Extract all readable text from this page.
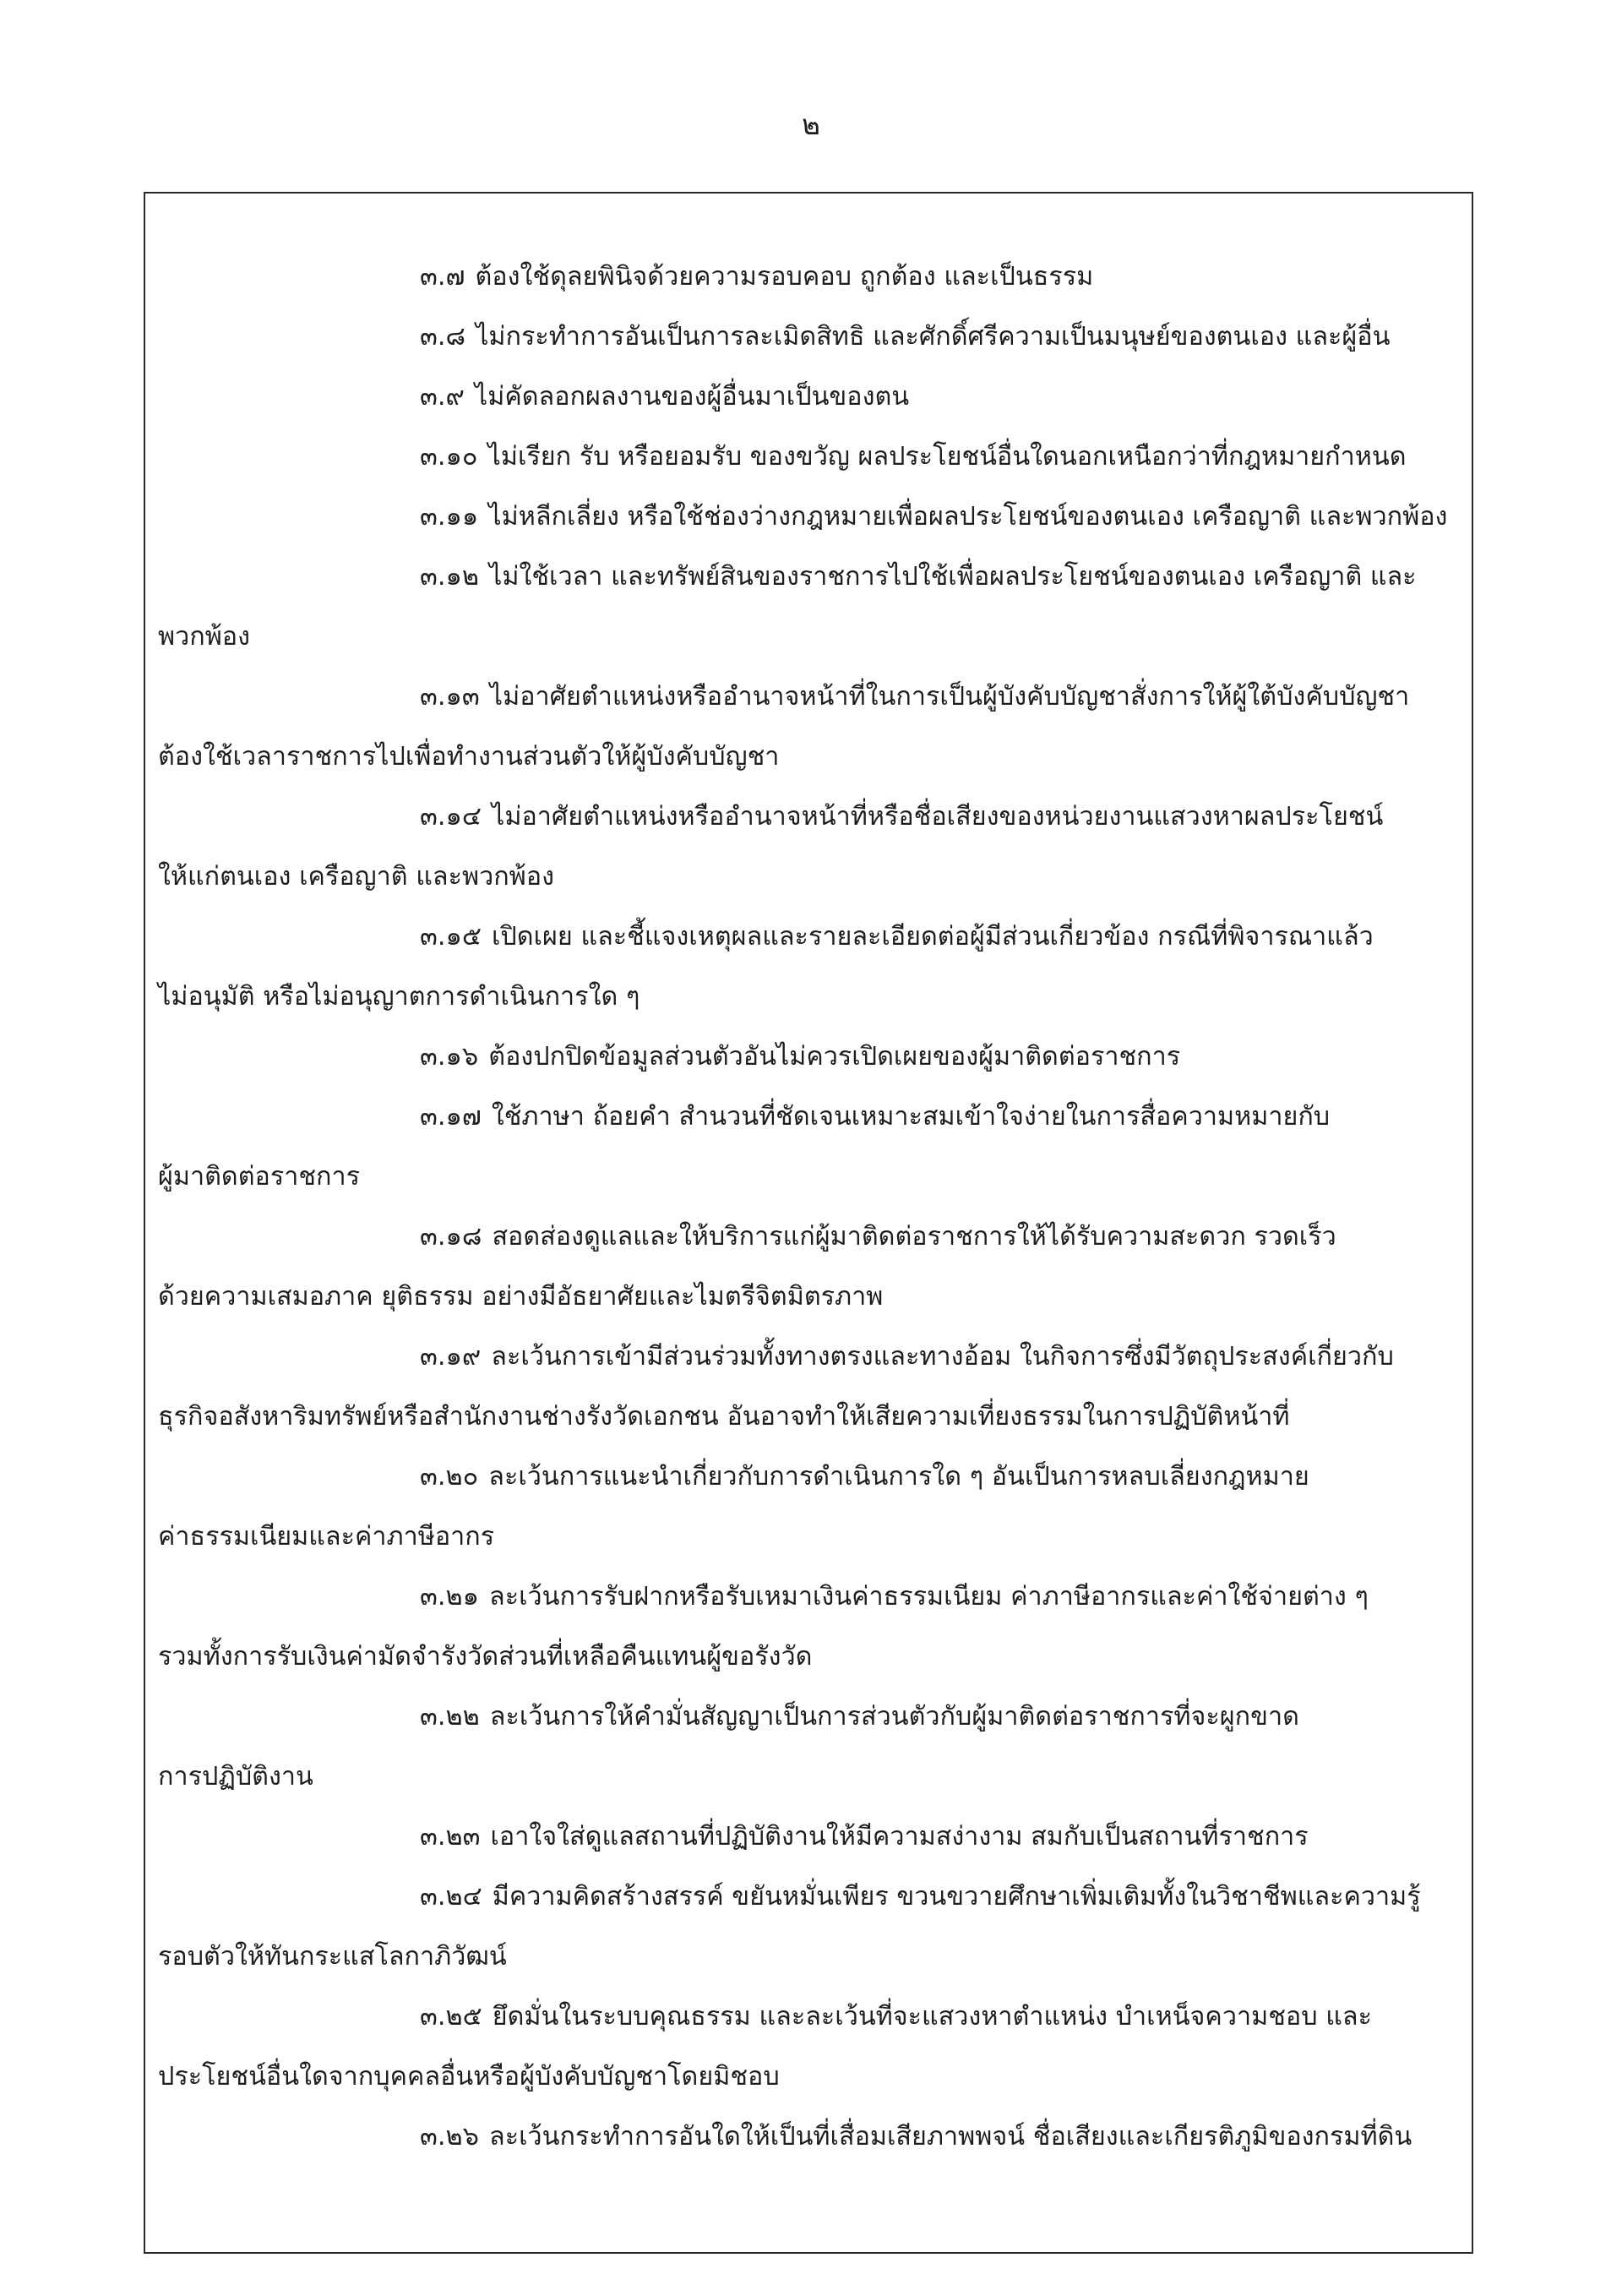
๒
๓.๗ ต้องใช้ดุลยพินิจด้วยความรอบคอบ ถูกต้อง และเป็นธรรม
๓.๘ ไม่กระทำการอันเป็นการละเมิดสิทธิ และศักดิ์ศรีความเป็นมนุษย์ของตนเอง และผู้อื่น
๓.๙ ไม่คัดลอกผลงานของผู้อื่นมาเป็นของตน
๓.๑๐ ไม่เรียก รับ หรือยอมรับ ของขวัญ ผลประโยชน์อื่นใดนอกเหนือกว่าที่กฎหมายกำหนด
๓.๑๑ ไม่หลีกเลี่ยง หรือใช้ช่องว่างกฎหมายเพื่อผลประโยชน์ของตนเอง เครือญาติ และพวกพ้อง
๓.๑๒ ไม่ใช้เวลา และทรัพย์สินของราชการไปใช้เพื่อผลประโยชน์ของตนเอง เครือญาติ และ
พวกพ้อง
๓.๑๓ ไม่อาศัยตำแหน่งหรืออำนาจหน้าที่ในการเป็นผู้บังคับบัญชาสั่งการให้ผู้ใต้บังคับบัญชา
ต้องใช้เวลาราชการไปเพื่อทำงานส่วนตัวให้ผู้บังคับบัญชา
๓.๑๔ ไม่อาศัยตำแหน่งหรืออำนาจหน้าที่หรือชื่อเสียงของหน่วยงานแสวงหาผลประโยชน์
ให้แก่ตนเอง เครือญาติ และพวกพ้อง
๓.๑๕ เปิดเผย และชี้แจงเหตุผลและรายละเอียดต่อผู้มีส่วนเกี่ยวข้อง กรณีที่พิจารณาแล้ว
ไม่อนุมัติ หรือไม่อนุญาตการดำเนินการใด ๆ
๓.๑๖ ต้องปกปิดข้อมูลส่วนตัวอันไม่ควรเปิดเผยของผู้มาติดต่อราชการ
๓.๑๗ ใช้ภาษา ถ้อยคำ สำนวนที่ชัดเจนเหมาะสมเข้าใจง่ายในการสื่อความหมายกับ
ผู้มาติดต่อราชการ
๓.๑๘ สอดส่องดูแลและให้บริการแก่ผู้มาติดต่อราชการให้ได้รับความสะดวก รวดเร็ว
ด้วยความเสมอภาค ยุติธรรม อย่างมีอัธยาศัยและไมตรีจิตมิตรภาพ
๓.๑๙ ละเว้นการเข้ามีส่วนร่วมทั้งทางตรงและทางอ้อม ในกิจการซึ่งมีวัตถุประสงค์เกี่ยวกับ
ธุรกิจอสังหาริมทรัพย์หรือสำนักงานช่างรังวัดเอกชน อันอาจทำให้เสียความเที่ยงธรรมในการปฏิบัติหน้าที่
๓.๒๐ ละเว้นการแนะนำเกี่ยวกับการดำเนินการใด ๆ อันเป็นการหลบเลี่ยงกฎหมาย
ค่าธรรมเนียมและค่าภาษีอากร
๓.๒๑ ละเว้นการรับฝากหรือรับเหมาเงินค่าธรรมเนียม ค่าภาษีอากรและค่าใช้จ่ายต่าง ๆ
รวมทั้งการรับเงินค่ามัดจำรังวัดส่วนที่เหลือคืนแทนผู้ขอรังวัด
๓.๒๒ ละเว้นการให้คำมั่นสัญญาเป็นการส่วนตัวกับผู้มาติดต่อราชการที่จะผูกขาด
การปฏิบัติงาน
๓.๒๓ เอาใจใส่ดูแลสถานที่ปฏิบัติงานให้มีความสง่างาม สมกับเป็นสถานที่ราชการ
๓.๒๔ มีความคิดสร้างสรรค์ ขยันหมั่นเพียร ขวนขวายศึกษาเพิ่มเติมทั้งในวิชาชีพและความรู้
รอบตัวให้ทันกระแสโลกาภิวัฒน์
๓.๒๕ ยึดมั่นในระบบคุณธรรม และละเว้นที่จะแสวงหาตำแหน่ง บำเหน็จความชอบ และ
ประโยชน์อื่นใดจากบุคคลอื่นหรือผู้บังคับบัญชาโดยมิชอบ
๓.๒๖ ละเว้นกระทำการอันใดให้เป็นที่เสื่อมเสียภาพพจน์ ชื่อเสียงและเกียรติภูมิของกรมที่ดิน
